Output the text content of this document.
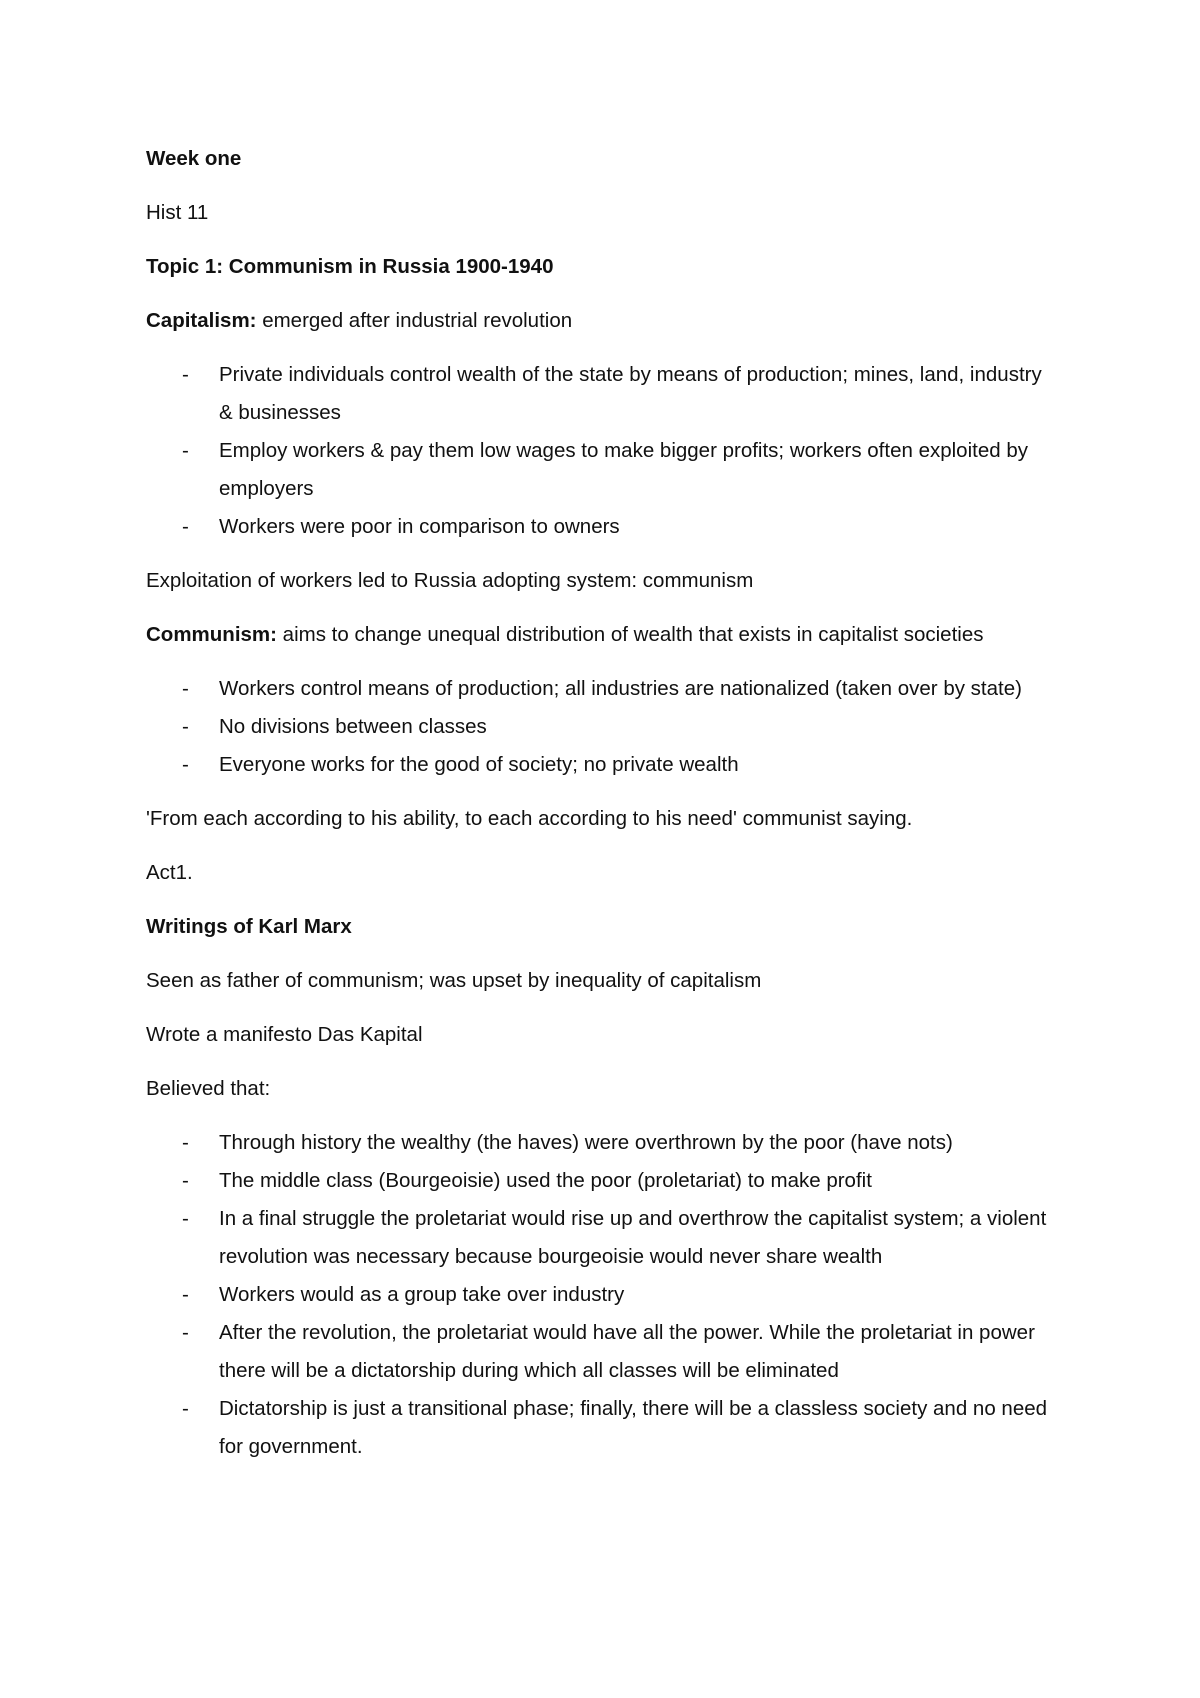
Week one

Hist 11

Topic 1: Communism in Russia 1900-1940

Capitalism: emerged after industrial revolution

- Private individuals control wealth of the state by means of production; mines, land, industry & businesses
- Employ workers & pay them low wages to make bigger profits; workers often exploited by employers
- Workers were poor in comparison to owners

Exploitation of workers led to Russia adopting system: communism

Communism: aims to change unequal distribution of wealth that exists in capitalist societies

- Workers control means of production; all industries are nationalized (taken over by state)
- No divisions between classes
- Everyone works for the good of society; no private wealth

'From each according to his ability, to each according to his need' communist saying.

Act1.

Writings of Karl Marx

Seen as father of communism; was upset by inequality of capitalism

Wrote a manifesto Das Kapital

Believed that:

- Through history the wealthy (the haves) were overthrown by the poor (have nots)
- The middle class (Bourgeoisie) used the poor (proletariat) to make profit
- In a final struggle the proletariat would rise up and overthrow the capitalist system; a violent revolution was necessary because bourgeoisie would never share wealth
- Workers would as a group take over industry
- After the revolution, the proletariat would have all the power. While the proletariat in power there will be a dictatorship during which all classes will be eliminated
- Dictatorship is just a transitional phase; finally, there will be a classless society and no need for government.
